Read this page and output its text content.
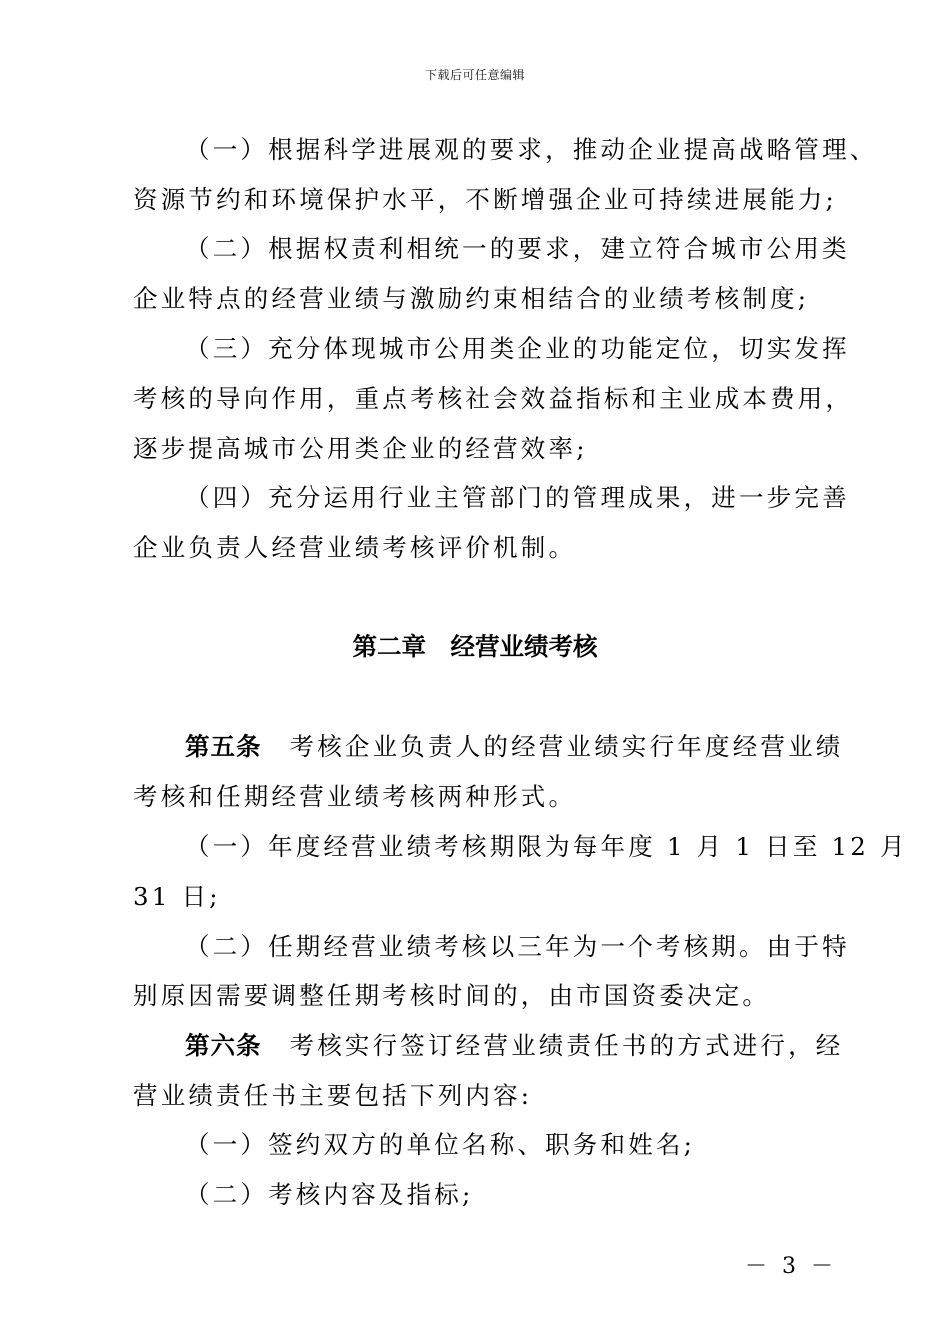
下载后可任意编辑
（一）根据科学进展观的要求，推动企业提高战略管理、
资源节约和环境保护水平，不断增强企业可持续进展能力;
（二）根据权责利相统一的要求，建立符合城市公用类
企业特点的经营业绩与激励约束相结合的业绩考核制度;
（三）充分体现城市公用类企业的功能定位，切实发挥
考核的导向作用，重点考核社会效益指标和主业成本费用，
逐步提高城市公用类企业的经营效率;
（四）充分运用行业主管部门的管理成果，进一步完善
企业负责人经营业绩考核评价机制。
第二章　经营业绩考核
第五条 考核企业负责人的经营业绩实行年度经营业绩
考核和任期经营业绩考核两种形式。
（一）年度经营业绩考核期限为每年度 1 月 1 日至 12 月
31 日;
（二）任期经营业绩考核以三年为一个考核期。由于特
别原因需要调整任期考核时间的，由市国资委决定。
第六条 考核实行签订经营业绩责任书的方式进行，经
营业绩责任书主要包括下列内容:
（一）签约双方的单位名称、职务和姓名;
（二）考核内容及指标;
－ 3 －
